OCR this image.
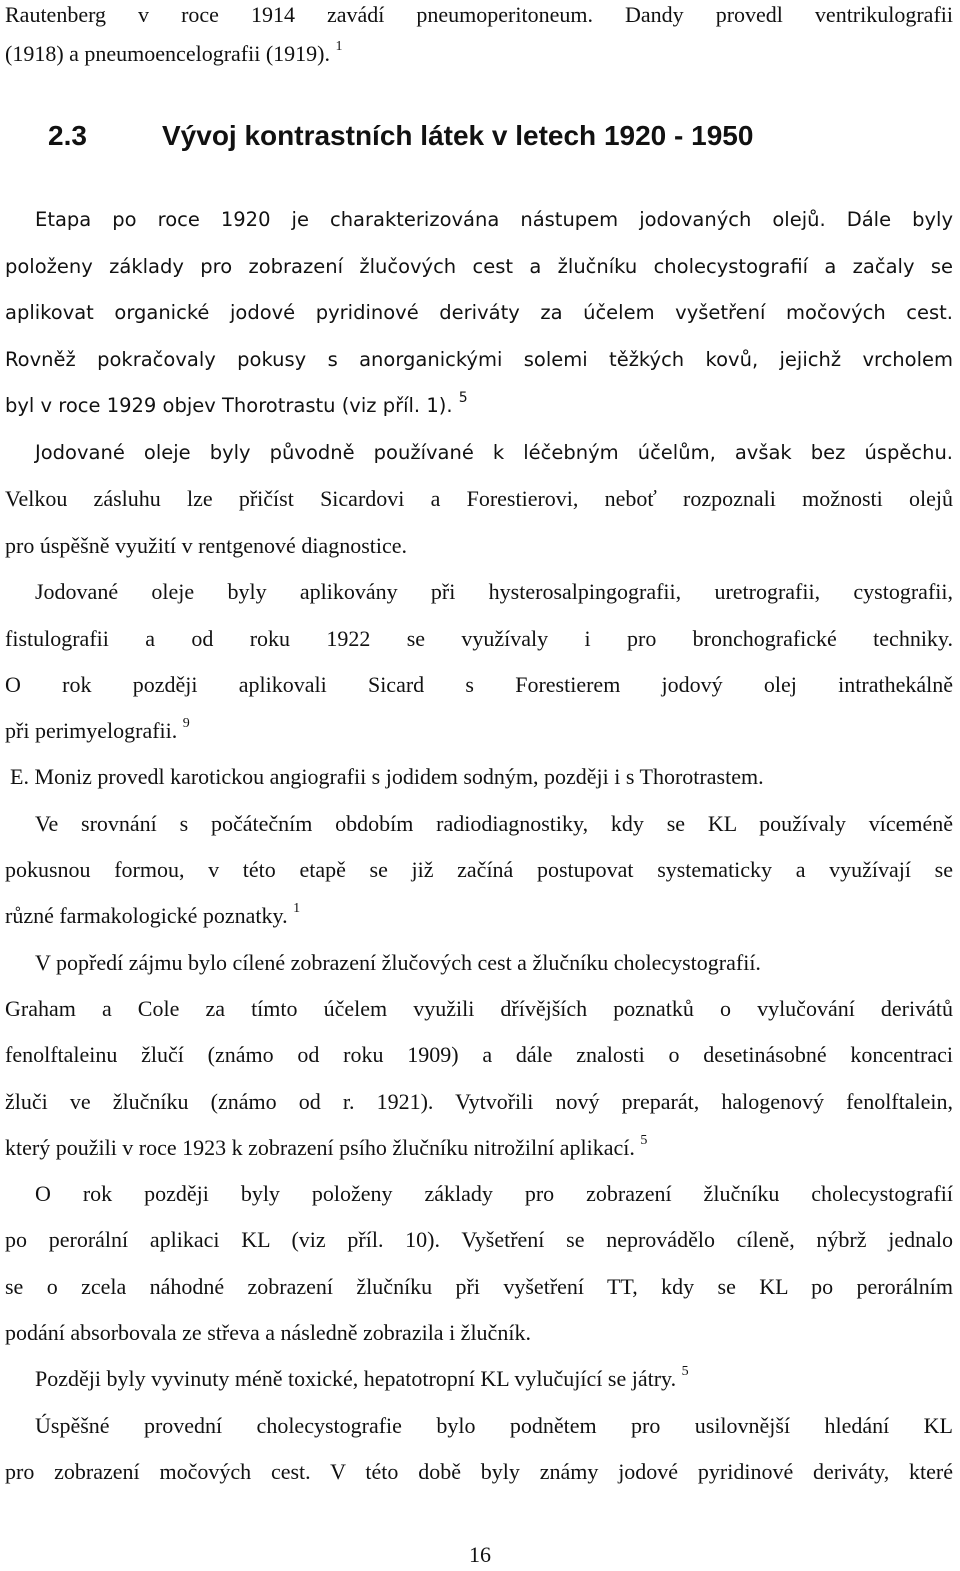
Rautenberg v roce 1914 zavádí pneumoperitoneum. Dandy provedl ventrikulografii
(1918) a pneumoencelografii (1919). $^1$
2.3	Vývoj kontrastních látek v letech 1920 - 1950
Etapa po roce 1920 je charakterizována nástupem jodovaných olejů. Dále byly
položeny základy pro zobrazení žlučových cest a žlučníku cholecystografií a začaly se
aplikovat organické jodové pyridinové deriváty za účelem vyšetření močových cest.
Rovněž pokračovaly pokusy s anorganickými solemi těžkých kovů, jejichž vrcholem
byl v roce 1929 objev Thorotrastu (viz příl. 1). $^5$
Jodované oleje byly původně používané k léčebným účelům, avšak bez úspěchu.
Velkou zásluhu lze přičíst Sicardovi a Forestierovi, neboť rozpoznali možnosti olejů
pro úspěšně využití v rentgenové diagnostice.
Jodované oleje byly aplikovány při hysterosalpingografii, uretrografii, cystografii,
fistulografii a od roku 1922 se využívaly i pro bronchografické techniky.
O rok později aplikovali Sicard s Forestierem jodový olej intrathekálně
při perimyelografii. $^9$
E. Moniz provedl karotickou angiografii s jodidem sodným, později i s Thorotrastem.
Ve srovnání s počátečním obdobím radiodiagnostiky, kdy se KL používaly víceméně
pokusnou formou, v této etapě se již začíná postupovat systematicky a využívají se
různé farmakologické poznatky. $^1$
V popředí zájmu bylo cílené zobrazení žlučových cest a žlučníku cholecystografií.
Graham a Cole za tímto účelem využili dřívějších poznatků o vylučování derivátů
fenolftaleinu žlučí (známo od roku 1909) a dále znalosti o desetinásobné koncentraci
žluči ve žlučníku (známo od r. 1921). Vytvořili nový preparát, halogenový fenolftalein,
který použili v roce 1923 k zobrazení psího žlučníku nitrožilní aplikací. $^5$
O rok později byly položeny základy pro zobrazení žlučníku cholecystografií
po perorální aplikaci KL (viz příl. 10). Vyšetření se neprovádělo cíleně, nýbrž jednalo
se o zcela náhodné zobrazení žlučníku při vyšetření TT, kdy se KL po perorálním
podání absorbovala ze střeva a následně zobrazila i žlučník.
Později byly vyvinuty méně toxické, hepatotropní KL vylučující se játry. $^5$
Úspěšné provední cholecystografie bylo podnětem pro usilovnější hledání KL
pro zobrazení močových cest. V této době byly známy jodové pyridinové deriváty, které
16
